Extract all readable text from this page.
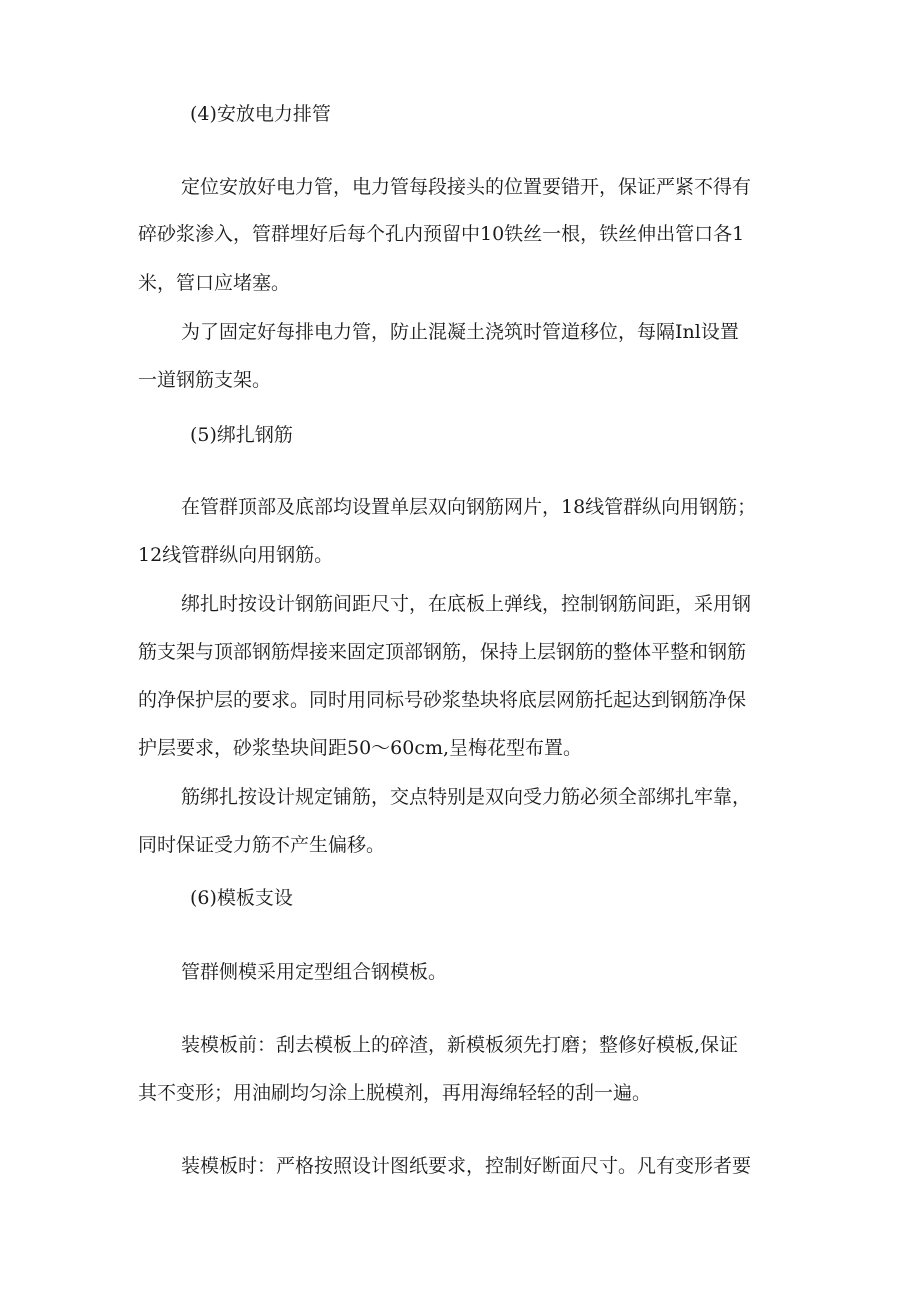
(4)安放电力排管

定位安放好电力管，电力管每段接头的位置要错开，保证严紧不得有

碎砂浆渗入，管群埋好后每个孔内预留中10铁丝一根，铁丝伸出管口各1

米，管口应堵塞。

为了固定好每排电力管，防止混凝土浇筑时管道移位，每隔Inl设置

一道钢筋支架。

(5)绑扎钢筋

在管群顶部及底部均设置单层双向钢筋网片，18线管群纵向用钢筋；

12线管群纵向用钢筋。

绑扎时按设计钢筋间距尺寸，在底板上弹线，控制钢筋间距，采用钢

筋支架与顶部钢筋焊接来固定顶部钢筋，保持上层钢筋的整体平整和钢筋

的净保护层的要求。同时用同标号砂浆垫块将底层网筋托起达到钢筋净保

护层要求，砂浆垫块间距50～60cm,呈梅花型布置。

筋绑扎按设计规定铺筋，交点特别是双向受力筋必须全部绑扎牢靠，

同时保证受力筋不产生偏移。

(6)模板支设

管群侧模采用定型组合钢模板。

装模板前：刮去模板上的碎渣，新模板须先打磨；整修好模板,保证

其不变形；用油刷均匀涂上脱模剂，再用海绵轻轻的刮一遍。

装模板时：严格按照设计图纸要求，控制好断面尺寸。凡有变形者要
